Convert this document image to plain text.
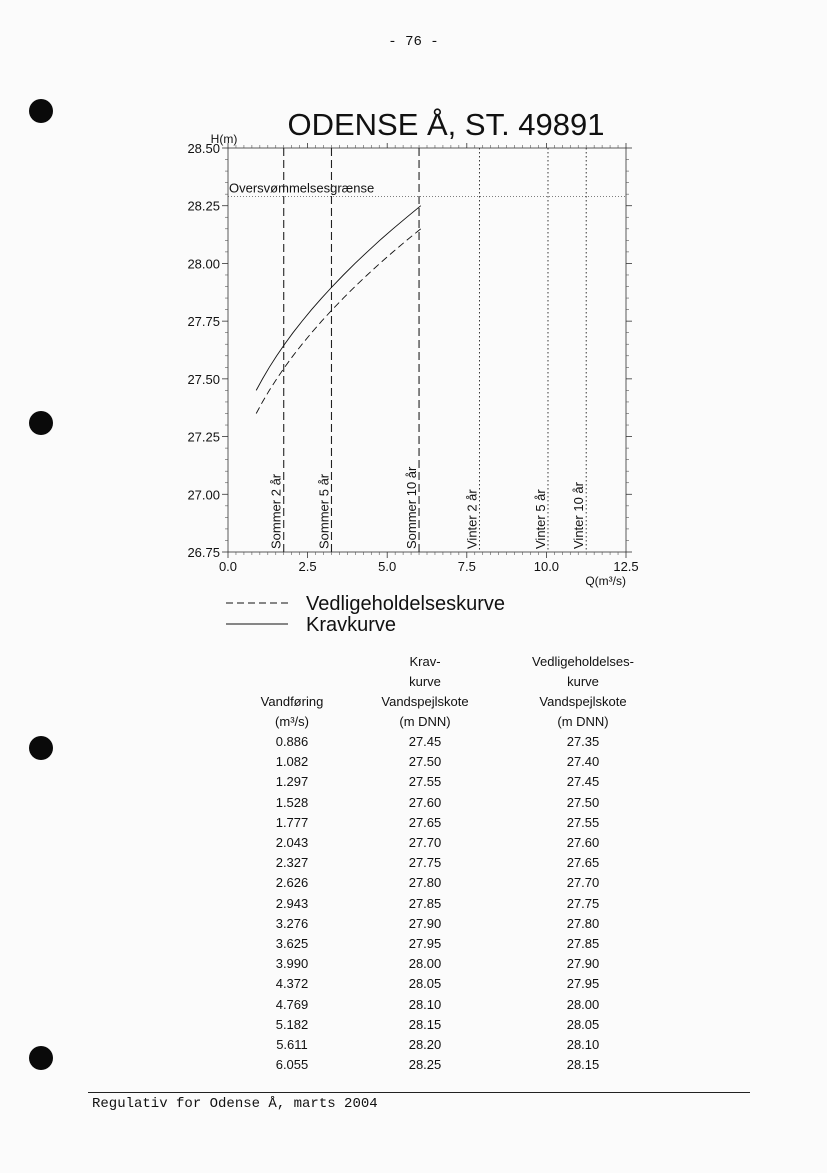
- 76 -
ODENSE Å, ST. 49891
H(m)
Q(m³/s)
26.75
27.00
27.25
27.50
27.75
28.00
28.25
28.50
0.0	2.5	5.0	7.5	10.0	12.5
Oversvømmelsesgrænse
Sommer 2 år	Sommer 5 år	Sommer 10 år	Vinter 2 år	Vinter 5 år Vinter 10 år
Vedligeholdelseskurve
Kravkurve
	Krav-	Vedligeholdelses-
	kurve	kurve
Vandføring	Vandspejlskote	Vandspejlskote
(m³/s)	(m DNN)	(m DNN)
0.886	27.45	27.35
1.082	27.50	27.40
1.297	27.55	27.45
1.528	27.60	27.50
1.777	27.65	27.55
2.043	27.70	27.60
2.327	27.75	27.65
2.626	27.80	27.70
2.943	27.85	27.75
3.276	27.90	27.80
3.625	27.95	27.85
3.990	28.00	27.90
4.372	28.05	27.95
4.769	28.10	28.00
5.182	28.15	28.05
5.611	28.20	28.10
6.055	28.25	28.15
Regulativ for Odense Å, marts 2004
